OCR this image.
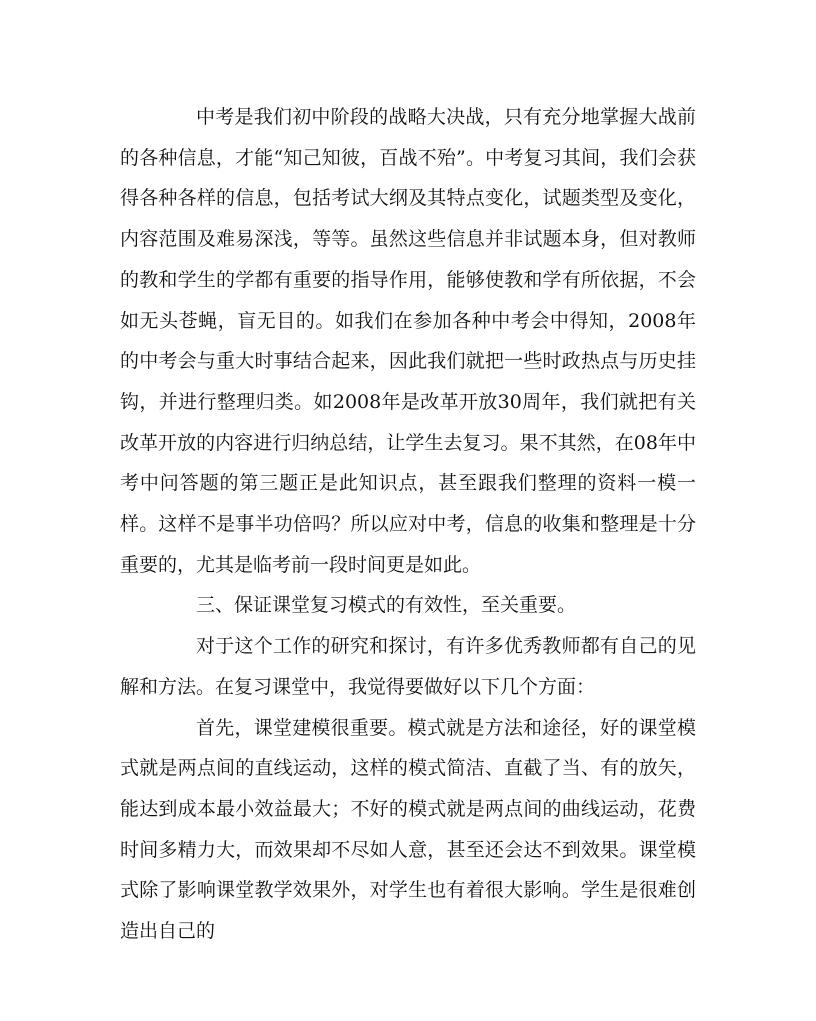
中考是我们初中阶段的战略大决战，只有充分地掌握大战前的各种信息，才能“知己知彼，百战不殆”。中考复习其间，我们会获得各种各样的信息，包括考试大纲及其特点变化，试题类型及变化，内容范围及难易深浅，等等。虽然这些信息并非试题本身，但对教师的教和学生的学都有重要的指导作用，能够使教和学有所依据，不会如无头苍蝇，盲无目的。如我们在参加各种中考会中得知，2008年的中考会与重大时事结合起来，因此我们就把一些时政热点与历史挂钩，并进行整理归类。如2008年是改革开放30周年，我们就把有关改革开放的内容进行归纳总结，让学生去复习。果不其然，在08年中考中问答题的第三题正是此知识点，甚至跟我们整理的资料一模一样。这样不是事半功倍吗？所以应对中考，信息的收集和整理是十分重要的，尤其是临考前一段时间更是如此。

三、保证课堂复习模式的有效性，至关重要。

对于这个工作的研究和探讨，有许多优秀教师都有自己的见解和方法。在复习课堂中，我觉得要做好以下几个方面：

首先，课堂建模很重要。模式就是方法和途径，好的课堂模式就是两点间的直线运动，这样的模式简洁、直截了当、有的放矢，能达到成本最小效益最大；不好的模式就是两点间的曲线运动，花费时间多精力大，而效果却不尽如人意，甚至还会达不到效果。课堂模式除了影响课堂教学效果外，对学生也有着很大影响。学生是很难创造出自己的
